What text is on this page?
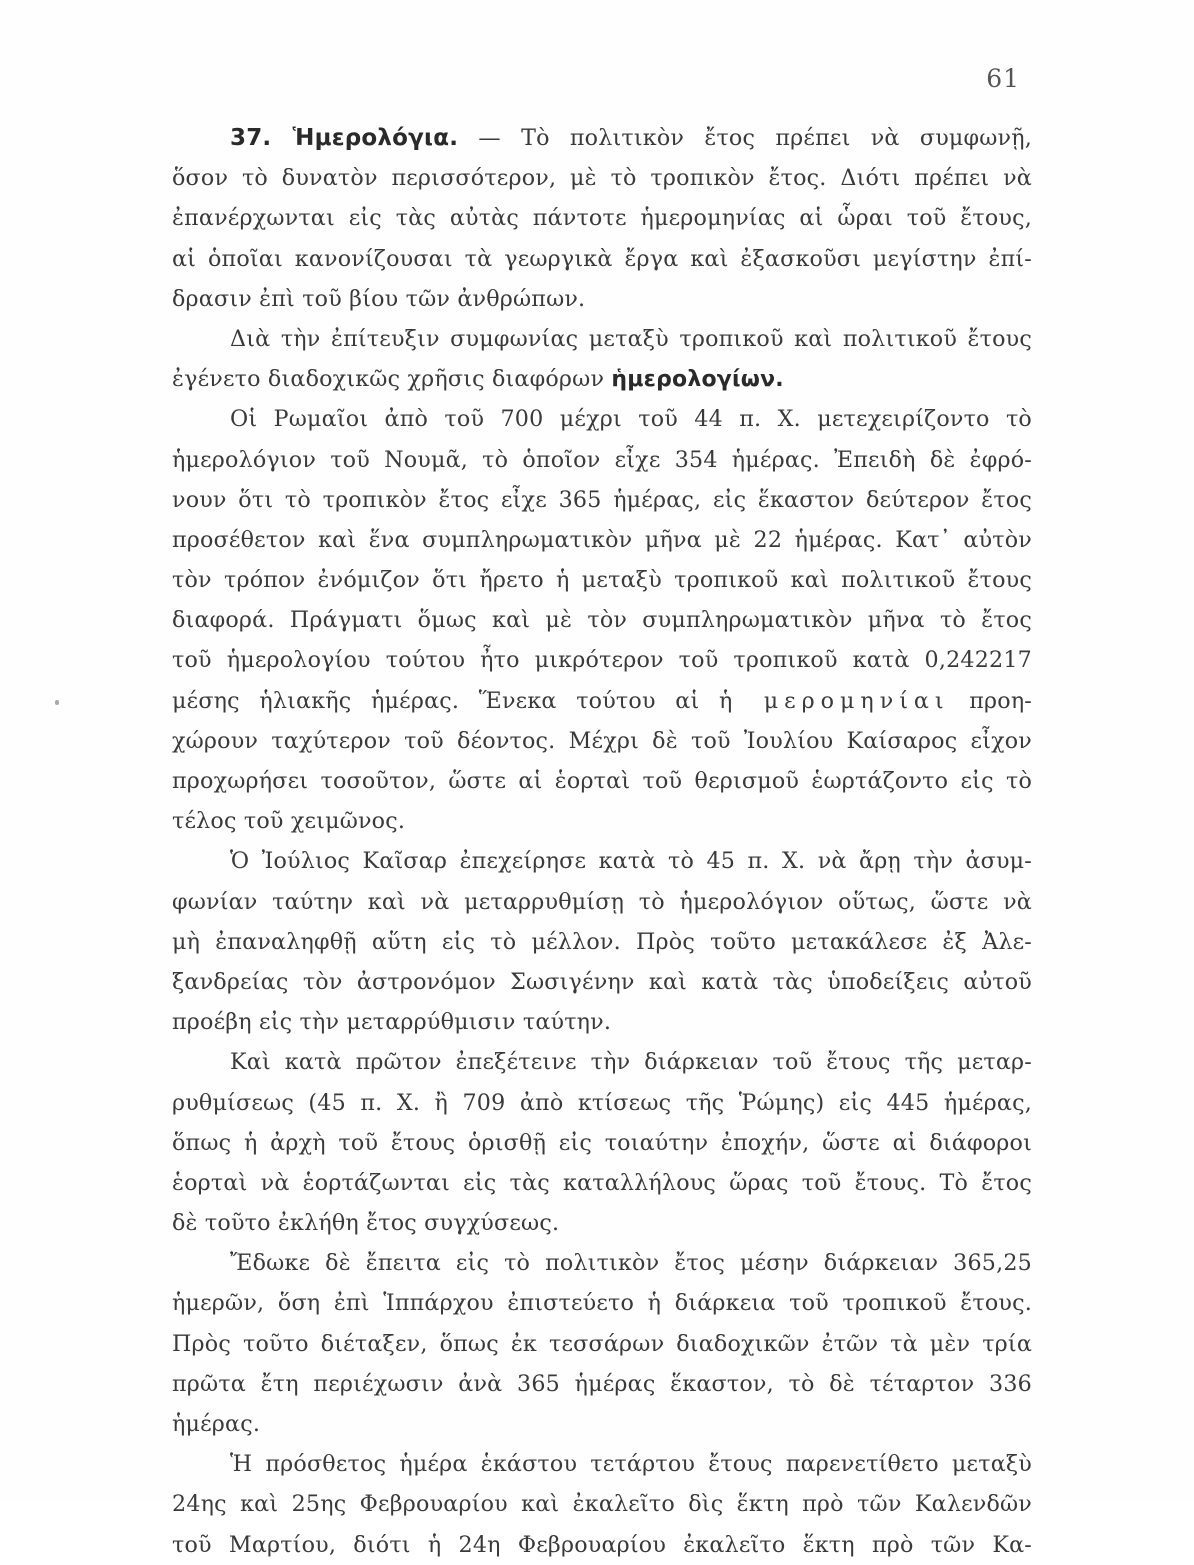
61
37. Ἡμερολόγια. — Τὸ πολιτικὸν ἔτος πρέπει νὰ συμφωνῇ,
ὅσον τὸ δυνατὸν περισσότερον, μὲ τὸ τροπικὸν ἔτος. Διότι πρέπει νὰ
ἐπανέρχωνται εἰς τὰς αὐτὰς πάντοτε ἡμερομηνίας αἱ ὧραι τοῦ ἔτους,
αἱ ὁποῖαι κανονίζουσαι τὰ γεωργικὰ ἔργα καὶ ἐξασκοῦσι μεγίστην ἐπί-
δρασιν ἐπὶ τοῦ βίου τῶν ἀνθρώπων.
Διὰ τὴν ἐπίτευξιν συμφωνίας μεταξὺ τροπικοῦ καὶ πολιτικοῦ ἔτους
ἐγένετο διαδοχικῶς χρῆσις διαφόρων ἡμερολογίων.
Οἱ Ρωμαῖοι ἀπὸ τοῦ 700 μέχρι τοῦ 44 π. Χ. μετεχειρίζοντο τὸ
ἡμερολόγιον τοῦ Νουμᾶ, τὸ ὁποῖον εἶχε 354 ἡμέρας. Ἐπειδὴ δὲ ἐφρό-
νουν ὅτι τὸ τροπικὸν ἔτος εἶχε 365 ἡμέρας, εἰς ἕκαστον δεύτερον ἔτος
προσέθετον καὶ ἕνα συμπληρωματικὸν μῆνα μὲ 22 ἡμέρας. Κατ᾿ αὐτὸν
τὸν τρόπον ἐνόμιζον ὅτι ἤρετο ἡ μεταξὺ τροπικοῦ καὶ πολιτικοῦ ἔτους
διαφορά. Πράγματι ὅμως καὶ μὲ τὸν συμπληρωματικὸν μῆνα τὸ ἔτος
τοῦ ἡμερολογίου τούτου ἦτο μικρότερον τοῦ τροπικοῦ κατὰ 0,242217
μέσης ἡλιακῆς ἡμέρας. Ἕνεκα τούτου αἱ ἡ μερομηνίαι προη-
χώρουν ταχύτερον τοῦ δέοντος. Μέχρι δὲ τοῦ Ἰουλίου Καίσαρος εἶχον
προχωρήσει τοσοῦτον, ὥστε αἱ ἑορταὶ τοῦ θερισμοῦ ἑωρτάζοντο εἰς τὸ
τέλος τοῦ χειμῶνος.
Ὁ Ἰούλιος Καῖσαρ ἐπεχείρησε κατὰ τὸ 45 π. Χ. νὰ ἄρῃ τὴν ἀσυμ-
φωνίαν ταύτην καὶ νὰ μεταρρυθμίσῃ τὸ ἡμερολόγιον οὕτως, ὥστε νὰ
μὴ ἐπαναληφθῇ αὕτη εἰς τὸ μέλλον. Πρὸς τοῦτο μετακάλεσε ἐξ Ἀλε-
ξανδρείας τὸν ἀστρονόμον Σωσιγένην καὶ κατὰ τὰς ὑποδείξεις αὐτοῦ
προέβη εἰς τὴν μεταρρύθμισιν ταύτην.
Καὶ κατὰ πρῶτον ἐπεξέτεινε τὴν διάρκειαν τοῦ ἔτους τῆς μεταρ-
ρυθμίσεως (45 π. Χ. ἢ 709 ἀπὸ κτίσεως τῆς Ῥώμης) εἰς 445 ἡμέρας,
ὅπως ἡ ἀρχὴ τοῦ ἔτους ὁρισθῇ εἰς τοιαύτην ἐποχήν, ὥστε αἱ διάφοροι
ἑορταὶ νὰ ἑορτάζωνται εἰς τὰς καταλλήλους ὥρας τοῦ ἔτους. Τὸ ἔτος
δὲ τοῦτο ἐκλήθη ἔτος συγχύσεως.
Ἔδωκε δὲ ἔπειτα εἰς τὸ πολιτικὸν ἔτος μέσην διάρκειαν 365,25
ἡμερῶν, ὅση ἐπὶ Ἱππάρχου ἐπιστεύετο ἡ διάρκεια τοῦ τροπικοῦ ἔτους.
Πρὸς τοῦτο διέταξεν, ὅπως ἐκ τεσσάρων διαδοχικῶν ἐτῶν τὰ μὲν τρία
πρῶτα ἔτη περιέχωσιν ἀνὰ 365 ἡμέρας ἕκαστον, τὸ δὲ τέταρτον 336
ἡμέρας.
Ἡ πρόσθετος ἡμέρα ἑκάστου τετάρτου ἔτους παρενετίθετο μεταξὺ
24ης καὶ 25ης Φεβρουαρίου καὶ ἐκαλεῖτο δὶς ἕκτη πρὸ τῶν Καλενδῶν
τοῦ Μαρτίου, διότι ἡ 24η Φεβρουαρίου ἐκαλεῖτο ἕκτη πρὸ τῶν Κα-
